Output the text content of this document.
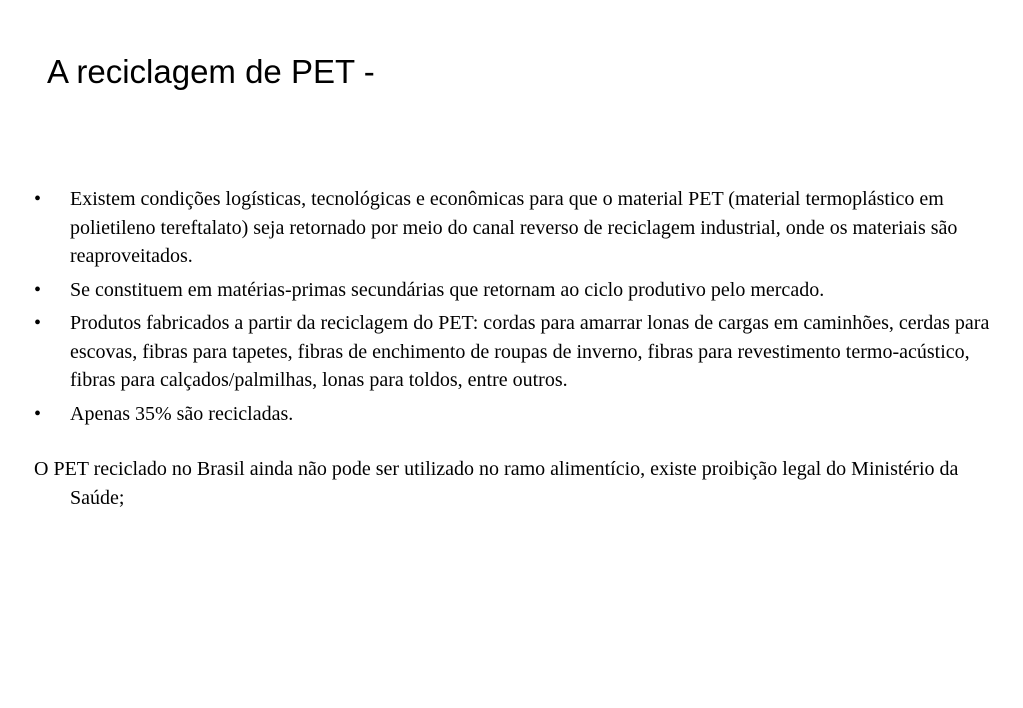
A reciclagem de PET -
•	Existem condições logísticas, tecnológicas e econômicas para que o material PET (material termoplástico em polietileno tereftalato) seja retornado por meio do canal reverso de reciclagem industrial, onde os materiais são reaproveitados.
•	Se constituem em matérias-primas secundárias que retornam ao ciclo produtivo pelo mercado.
•	Produtos fabricados a partir da reciclagem do PET: cordas para amarrar lonas de cargas em caminhões, cerdas para escovas, fibras para tapetes, fibras de enchimento de roupas de inverno, fibras para revestimento termo-acústico, fibras para calçados/palmilhas, lonas para toldos, entre outros.
•	Apenas 35% são recicladas.

O PET reciclado no Brasil ainda não pode ser utilizado no ramo alimentício, existe proibição legal do Ministério da Saúde;
